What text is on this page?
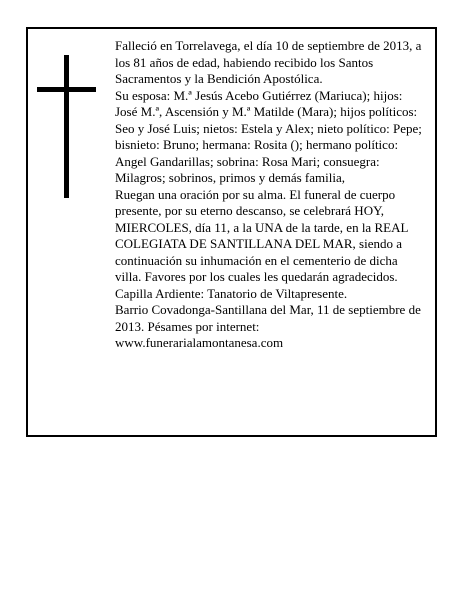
Falleció en Torrelavega, el día 10 de septiembre de 2013, a los 81 años de edad, habiendo recibido los Santos Sacramentos y la Bendición Apostólica.

Su esposa: M.ª Jesús Acebo Gutiérrez (Mariuca); hijos: José M.ª, Ascensión y M.ª Matilde (Mara); hijos políticos: Seo y José Luis; nietos: Estela y Alex; nieto político: Pepe; bisnieto: Bruno; hermana: Rosita (); hermano político: Angel Gandarillas; sobrina: Rosa Mari; consuegra: Milagros; sobrinos, primos y demás familia,

Ruegan una oración por su alma. El funeral de cuerpo presente, por su eterno descanso, se celebrará HOY, MIERCOLES, día 11, a la UNA de la tarde, en la REAL COLEGIATA DE SANTILLANA DEL MAR, siendo a continuación su inhumación en el cementerio de dicha villa. Favores por los cuales les quedarán agradecidos. Capilla Ardiente: Tanatorio de Viltapresente.

Barrio Covadonga-Santillana del Mar, 11 de septiembre de 2013. Pésames por internet: www.funerarialamontanesa.com
